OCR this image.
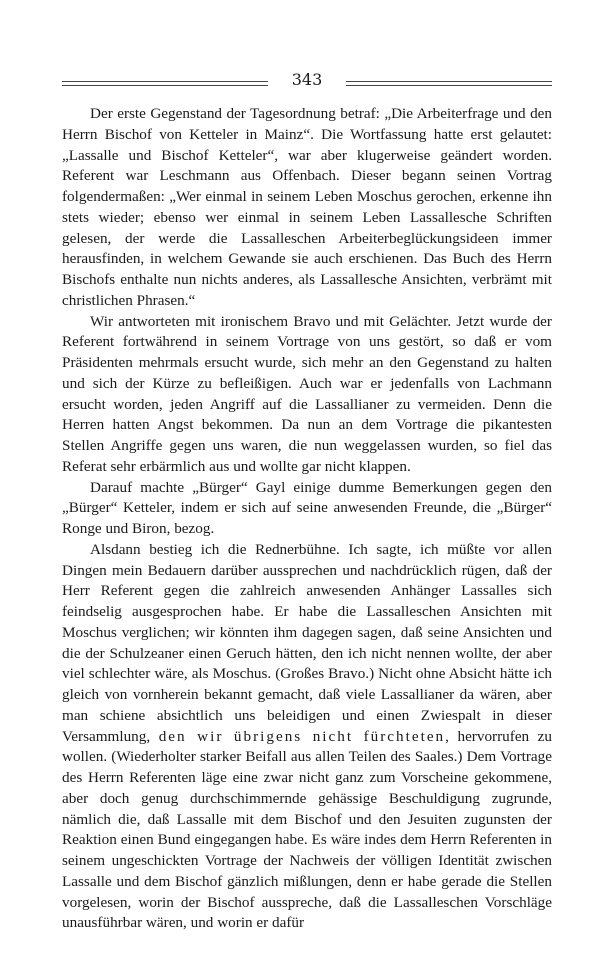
343

Der erste Gegenstand der Tagesordnung betraf: „Die Arbeiterfrage und den Herrn Bischof von Ketteler in Mainz“. Die Wortfassung hatte erst gelautet: „Lassalle und Bischof Ketteler“, war aber klugerweise geändert worden. Referent war Leschmann aus Offenbach. Dieser begann seinen Vortrag folgendermaßen: „Wer einmal in seinem Leben Moschus gerochen, erkenne ihn stets wieder; ebenso wer einmal in seinem Leben Lassallesche Schriften gelesen, der werde die Lassalleschen Arbeiterbeglückungsideen immer herausfinden, in welchem Gewande sie auch erschienen. Das Buch des Herrn Bischofs enthalte nun nichts anderes, als Lassallesche Ansichten, verbrämt mit christlichen Phrasen.“

Wir antworteten mit ironischem Bravo und mit Gelächter. Jetzt wurde der Referent fortwährend in seinem Vortrage von uns gestört, so daß er vom Präsidenten mehrmals ersucht wurde, sich mehr an den Gegenstand zu halten und sich der Kürze zu befleißigen. Auch war er jedenfalls von Lachmann ersucht worden, jeden Angriff auf die Lassallianer zu vermeiden. Denn die Herren hatten Angst bekommen. Da nun an dem Vortrage die pikantesten Stellen Angriffe gegen uns waren, die nun weggelassen wurden, so fiel das Referat sehr erbärmlich aus und wollte gar nicht klappen.

Darauf machte „Bürger“ Gayl einige dumme Bemerkungen gegen den „Bürger“ Ketteler, indem er sich auf seine anwesenden Freunde, die „Bürger“ Ronge und Biron, bezog.

Alsdann bestieg ich die Rednerbühne. Ich sagte, ich müßte vor allen Dingen mein Bedauern darüber aussprechen und nachdrücklich rügen, daß der Herr Referent gegen die zahlreich anwesenden Anhänger Lassalles sich feindselig ausgesprochen habe. Er habe die Lassalleschen Ansichten mit Moschus verglichen; wir könnten ihm dagegen sagen, daß seine Ansichten und die der Schulzeaner einen Geruch hätten, den ich nicht nennen wollte, der aber viel schlechter wäre, als Moschus. (Großes Bravo.) Nicht ohne Absicht hätte ich gleich von vornherein bekannt gemacht, daß viele Lassallianer da wären, aber man schiene absichtlich uns beleidigen und einen Zwiespalt in dieser Versammlung, den wir übrigens nicht fürchteten, hervorrufen zu wollen. (Wiederholter starker Beifall aus allen Teilen des Saales.) Dem Vortrage des Herrn Referenten läge eine zwar nicht ganz zum Vorscheine gekommene, aber doch genug durchschimmernde gehässige Beschuldigung zugrunde, nämlich die, daß Lassalle mit dem Bischof und den Jesuiten zugunsten der Reaktion einen Bund eingegangen habe. Es wäre indes dem Herrn Referenten in seinem ungeschickten Vortrage der Nachweis der völligen Identität zwischen Lassalle und dem Bischof gänzlich mißlungen, denn er habe gerade die Stellen vorgelesen, worin der Bischof ausspreche, daß die Lassalleschen Vorschläge unausführbar wären, und worin er dafür
